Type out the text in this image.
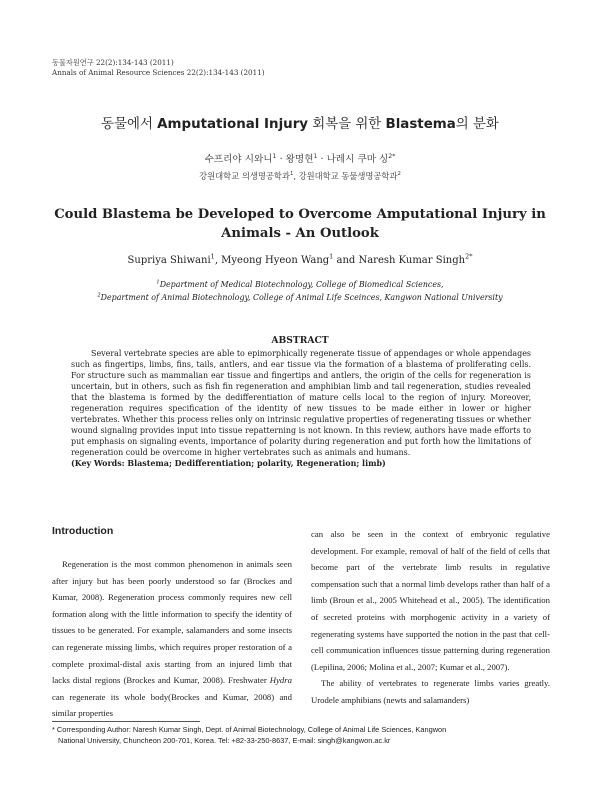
동물자원연구 22(2):134-143 (2011)
Annals of Animal Resource Sciences 22(2):134-143 (2011)
동물에서 Amputational Injury 회복을 위한 Blastema의 분화
수프리야 시와니$^1$ · 왕명현$^1$ · 나레시 쿠마 싱$^{2*}$
강원대학교 의생명공학과$^1$, 강원대학교 동물생명공학과$^2$
Could Blastema be Developed to Overcome Amputational Injury in Animals - An Outlook
Supriya Shiwani$^1$, Myeong Hyeon Wang$^1$ and Naresh Kumar Singh$^{2*}$
$^1$Department of Medical Biotechnology, College of Biomedical Sciences,
$^2$Department of Animal Biotechnology, College of Animal Life Sceinces, Kangwon National University
ABSTRACT

Several vertebrate species are able to epimorphically regenerate tissue of appendages or whole appendages such as fingertips, limbs, fins, tails, antlers, and ear tissue via the formation of a blastema of proliferating cells. For structure such as mammalian ear tissue and fingertips and antlers, the origin of the cells for regeneration is uncertain, but in others, such as fish fin regeneration and amphibian limb and tail regeneration, studies revealed that the blastema is formed by the dedifferentiation of mature cells local to the region of injury. Moreover, regeneration requires specification of the identity of new tissues to be made either in lower or higher vertebrates. Whether this process relies only on intrinsic regulative properties of regenerating tissues or whether wound signaling provides input into tissue repatterning is not known. In this review, authors have made efforts to put emphasis on signaling events, importance of polarity during regeneration and put forth how the limitations of regeneration could be overcome in higher vertebrates such as animals and humans.

(Key Words: Blastema; Dedifferentiation; polarity, Regeneration; limb)

Introduction

Regeneration is the most common phenomenon in animals seen after injury but has been poorly understood so far (Brockes and Kumar, 2008). Regeneration process commonly requires new cell formation along with the little information to specify the identity of tissues to be generated. For example, salamanders and some insects can regenerate missing limbs, which requires proper restoration of a complete proximal-distal axis starting from an injured limb that lacks distal regions (Brockes and Kumar, 2008). Freshwater Hydra can regenerate its whole body(Brockes and Kumar, 2008) and similar properties

can also be seen in the context of embryonic regulative development. For example, removal of half of the field of cells that become part of the vertebrate limb results in regulative compensation such that a normal limb develops rather than half of a limb (Broun et al., 2005 Whitehead et al., 2005). The identification of secreted proteins with morphogenic activity in a variety of regenerating systems have supported the notion in the past that cell-cell communication influences tissue patterning during regeneration (Lepilina, 2006; Molina et al., 2007; Kumar et al., 2007).

The ability of vertebrates to regenerate limbs varies greatly. Urodele amphibians (newts and salamanders)

* Corresponding Author: Naresh Kumar Singh, Dept. of Animal Biotechnology, College of Animal Life Sciences, Kangwon
National University, Chuncheon 200-701, Korea. Tel: +82-33-250-8637, E-mail: singh@kangwon.ac.kr
